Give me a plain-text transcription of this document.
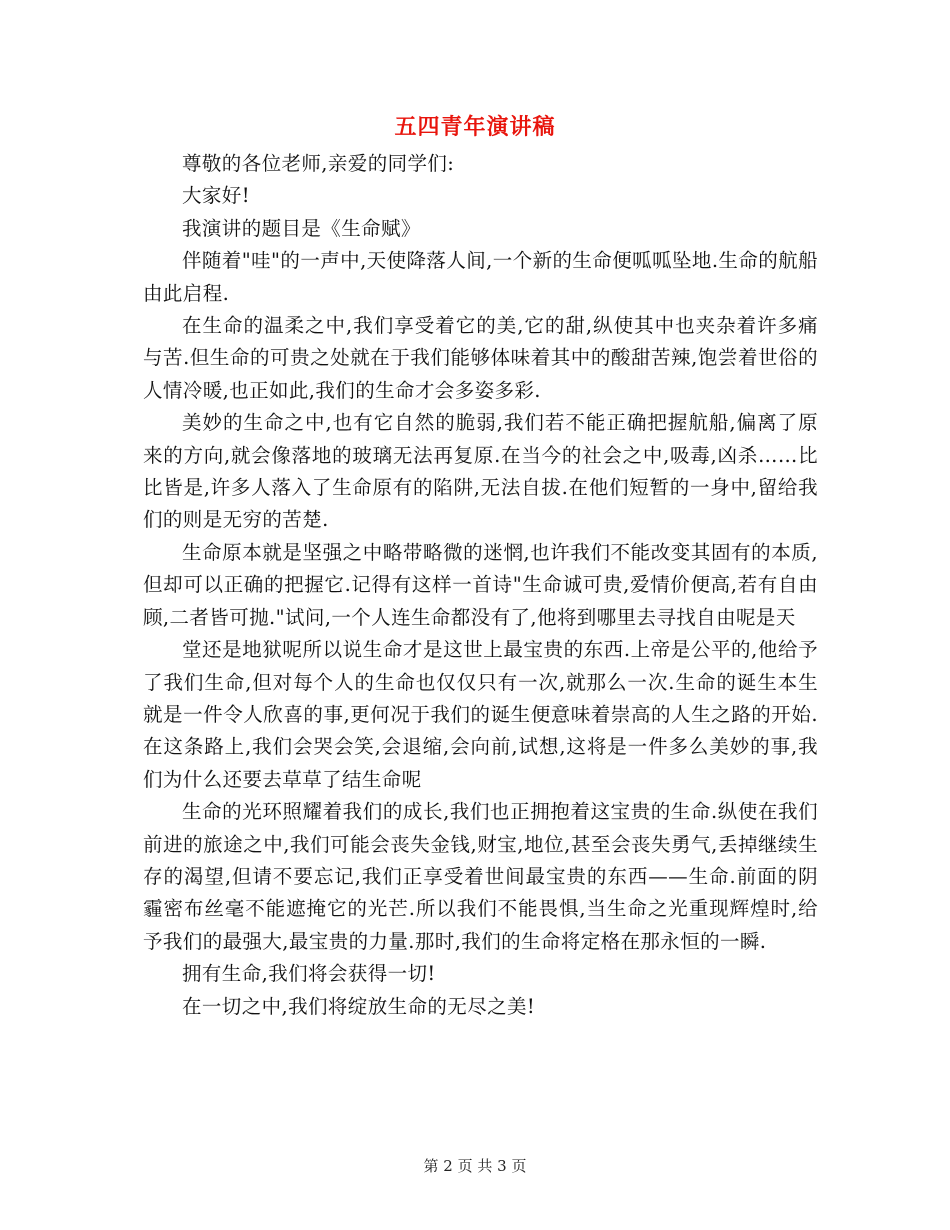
五四青年演讲稿

尊敬的各位老师,亲爱的同学们:

大家好!

我演讲的题目是《生命赋》

伴随着"哇"的一声中,天使降落人间,一个新的生命便呱呱坠地.生命的航船由此启程.

在生命的温柔之中,我们享受着它的美,它的甜,纵使其中也夹杂着许多痛与苦.但生命的可贵之处就在于我们能够体味着其中的酸甜苦辣,饱尝着世俗的人情冷暖,也正如此,我们的生命才会多姿多彩.

美妙的生命之中,也有它自然的脆弱,我们若不能正确把握航船,偏离了原来的方向,就会像落地的玻璃无法再复原.在当今的社会之中,吸毒,凶杀……比比皆是,许多人落入了生命原有的陷阱,无法自拔.在他们短暂的一身中,留给我们的则是无穷的苦楚.

生命原本就是坚强之中略带略微的迷惘,也许我们不能改变其固有的本质,但却可以正确的把握它.记得有这样一首诗"生命诚可贵,爱情价便高,若有自由顾,二者皆可抛."试问,一个人连生命都没有了,他将到哪里去寻找自由呢是天

堂还是地狱呢所以说生命才是这世上最宝贵的东西.上帝是公平的,他给予了我们生命,但对每个人的生命也仅仅只有一次,就那么一次.生命的诞生本生就是一件令人欣喜的事,更何况于我们的诞生便意味着崇高的人生之路的开始.在这条路上,我们会哭会笑,会退缩,会向前,试想,这将是一件多么美妙的事,我们为什么还要去草草了结生命呢

生命的光环照耀着我们的成长,我们也正拥抱着这宝贵的生命.纵使在我们前进的旅途之中,我们可能会丧失金钱,财宝,地位,甚至会丧失勇气,丢掉继续生存的渴望,但请不要忘记,我们正享受着世间最宝贵的东西——生命.前面的阴霾密布丝毫不能遮掩它的光芒.所以我们不能畏惧,当生命之光重现辉煌时,给予我们的最强大,最宝贵的力量.那时,我们的生命将定格在那永恒的一瞬.

拥有生命,我们将会获得一切!

在一切之中,我们将绽放生命的无尽之美!

第 2 页 共 3 页
